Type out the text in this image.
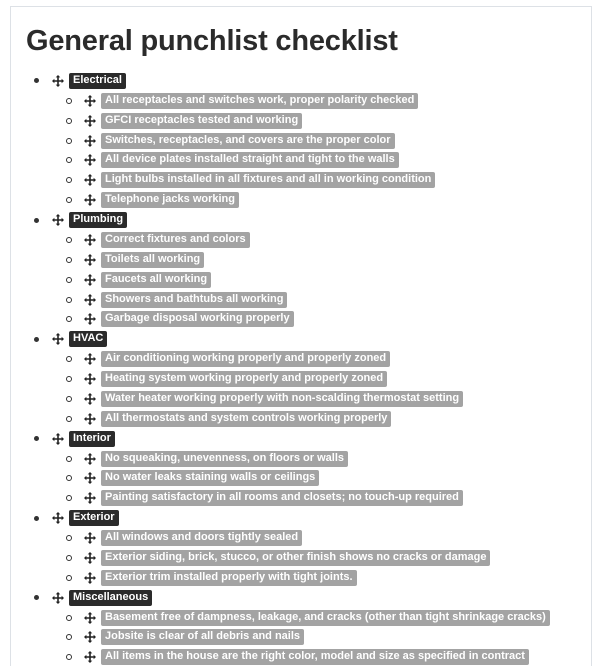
General punchlist checklist
Electrical
All receptacles and switches work, proper polarity checked
GFCI receptacles tested and working
Switches, receptacles, and covers are the proper color
All device plates installed straight and tight to the walls
Light bulbs installed in all fixtures and all in working condition
Telephone jacks working
Plumbing
Correct fixtures and colors
Toilets all working
Faucets all working
Showers and bathtubs all working
Garbage disposal working properly
HVAC
Air conditioning working properly and properly zoned
Heating system working properly and properly zoned
Water heater working properly with non-scalding thermostat setting
All thermostats and system controls working properly
Interior
No squeaking, unevenness, on floors or walls
No water leaks staining walls or ceilings
Painting satisfactory in all rooms and closets; no touch-up required
Exterior
All windows and doors tightly sealed
Exterior siding, brick, stucco, or other finish shows no cracks or damage
Exterior trim installed properly with tight joints.
Miscellaneous
Basement free of dampness, leakage, and cracks (other than tight shrinkage cracks)
Jobsite is clear of all debris and nails
All items in the house are the right color, model and size as specified in contract
